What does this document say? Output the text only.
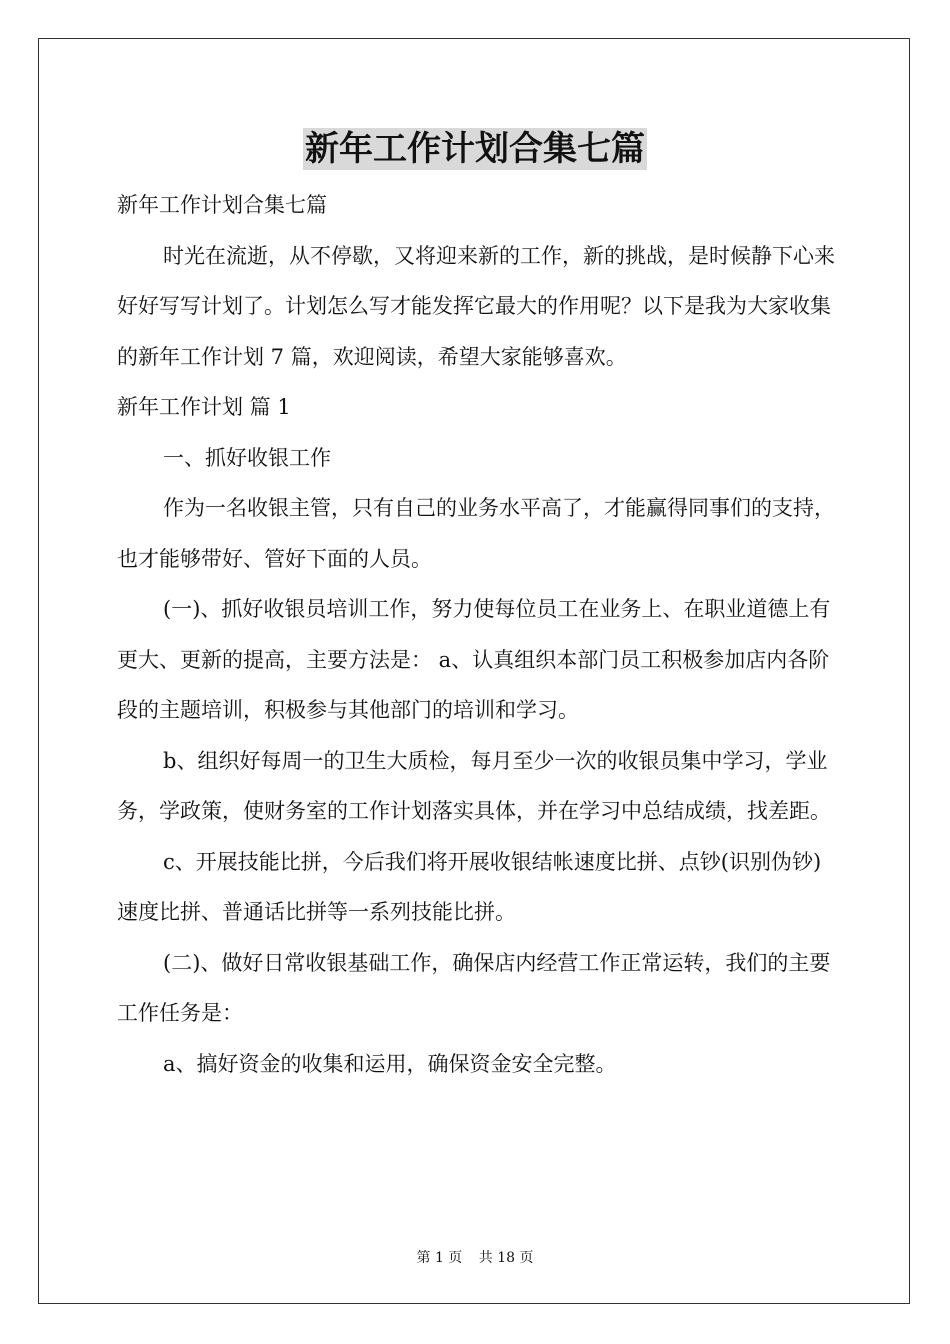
新年工作计划合集七篇

新年工作计划合集七篇

时光在流逝，从不停歇，又将迎来新的工作，新的挑战，是时候静下心来好好写写计划了。计划怎么写才能发挥它最大的作用呢？以下是我为大家收集的新年工作计划 7 篇，欢迎阅读，希望大家能够喜欢。

新年工作计划 篇 1

一、抓好收银工作

作为一名收银主管，只有自己的业务水平高了，才能赢得同事们的支持，也才能够带好、管好下面的人员。

(一)、抓好收银员培训工作，努力使每位员工在业务上、在职业道德上有更大、更新的提高，主要方法是： a、认真组织本部门员工积极参加店内各阶段的主题培训，积极参与其他部门的培训和学习。

b、组织好每周一的卫生大质检，每月至少一次的收银员集中学习，学业务，学政策，使财务室的工作计划落实具体，并在学习中总结成绩，找差距。

c、开展技能比拼，今后我们将开展收银结帐速度比拼、点钞(识别伪钞)速度比拼、普通话比拼等一系列技能比拼。

(二)、做好日常收银基础工作，确保店内经营工作正常运转，我们的主要工作任务是：

a、搞好资金的收集和运用，确保资金安全完整。

第 1 页 共 18 页
